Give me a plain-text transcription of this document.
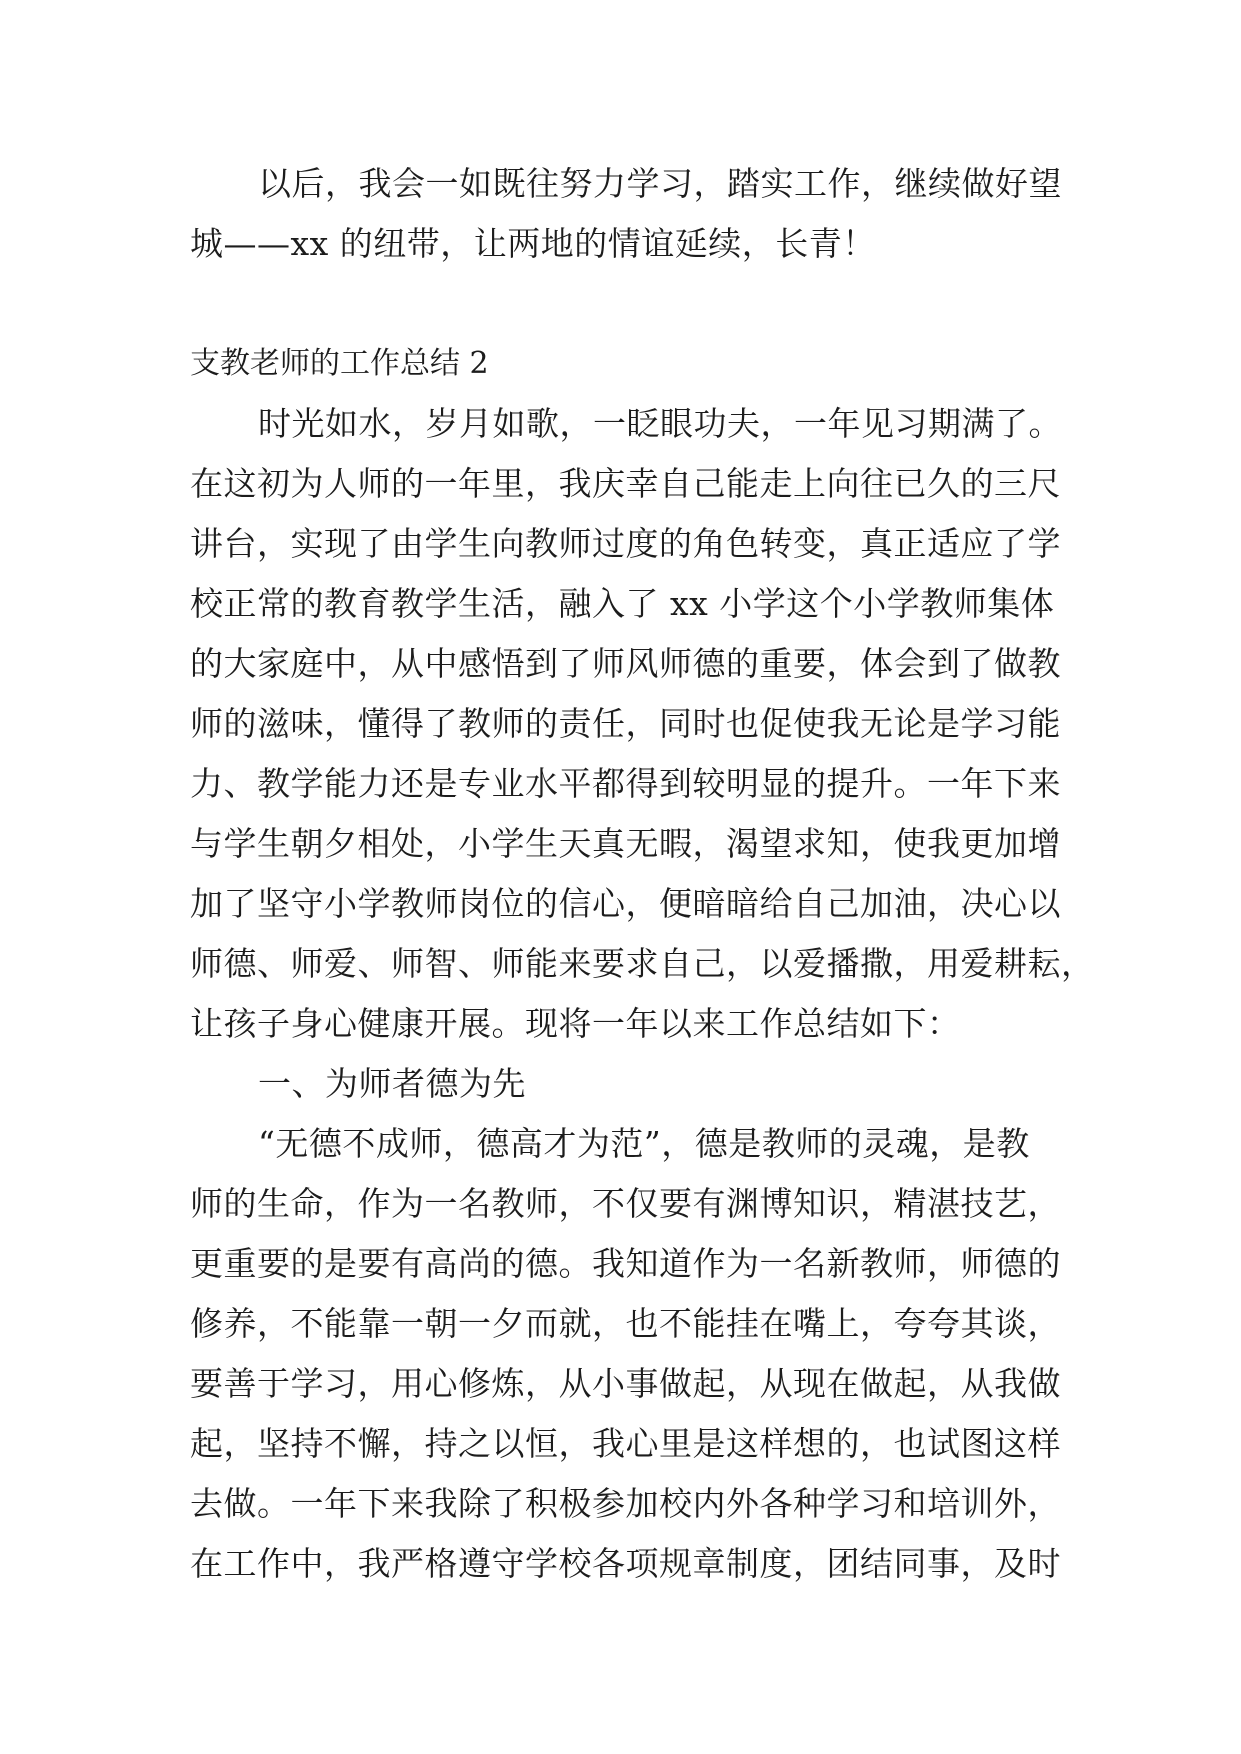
以后，我会一如既往努力学习，踏实工作，继续做好望
城——xx 的纽带，让两地的情谊延续，长青！
支教老师的工作总结 2
时光如水，岁月如歌，一眨眼功夫，一年见习期满了。
在这初为人师的一年里，我庆幸自己能走上向往已久的三尺
讲台，实现了由学生向教师过度的角色转变，真正适应了学
校正常的教育教学生活，融入了 xx 小学这个小学教师集体
的大家庭中，从中感悟到了师风师德的重要，体会到了做教
师的滋味，懂得了教师的责任，同时也促使我无论是学习能
力、教学能力还是专业水平都得到较明显的提升。一年下来
与学生朝夕相处，小学生天真无暇，渴望求知，使我更加增
加了坚守小学教师岗位的信心，便暗暗给自己加油，决心以
师德、师爱、师智、师能来要求自己，以爱播撒，用爱耕耘，
让孩子身心健康开展。现将一年以来工作总结如下：
一、为师者德为先
“无德不成师，德高才为范”，德是教师的灵魂，是教
师的生命，作为一名教师，不仅要有渊博知识，精湛技艺，
更重要的是要有高尚的德。我知道作为一名新教师，师德的
修养，不能靠一朝一夕而就，也不能挂在嘴上，夸夸其谈，
要善于学习，用心修炼，从小事做起，从现在做起，从我做
起，坚持不懈，持之以恒，我心里是这样想的，也试图这样
去做。一年下来我除了积极参加校内外各种学习和培训外，
在工作中，我严格遵守学校各项规章制度，团结同事，及时
